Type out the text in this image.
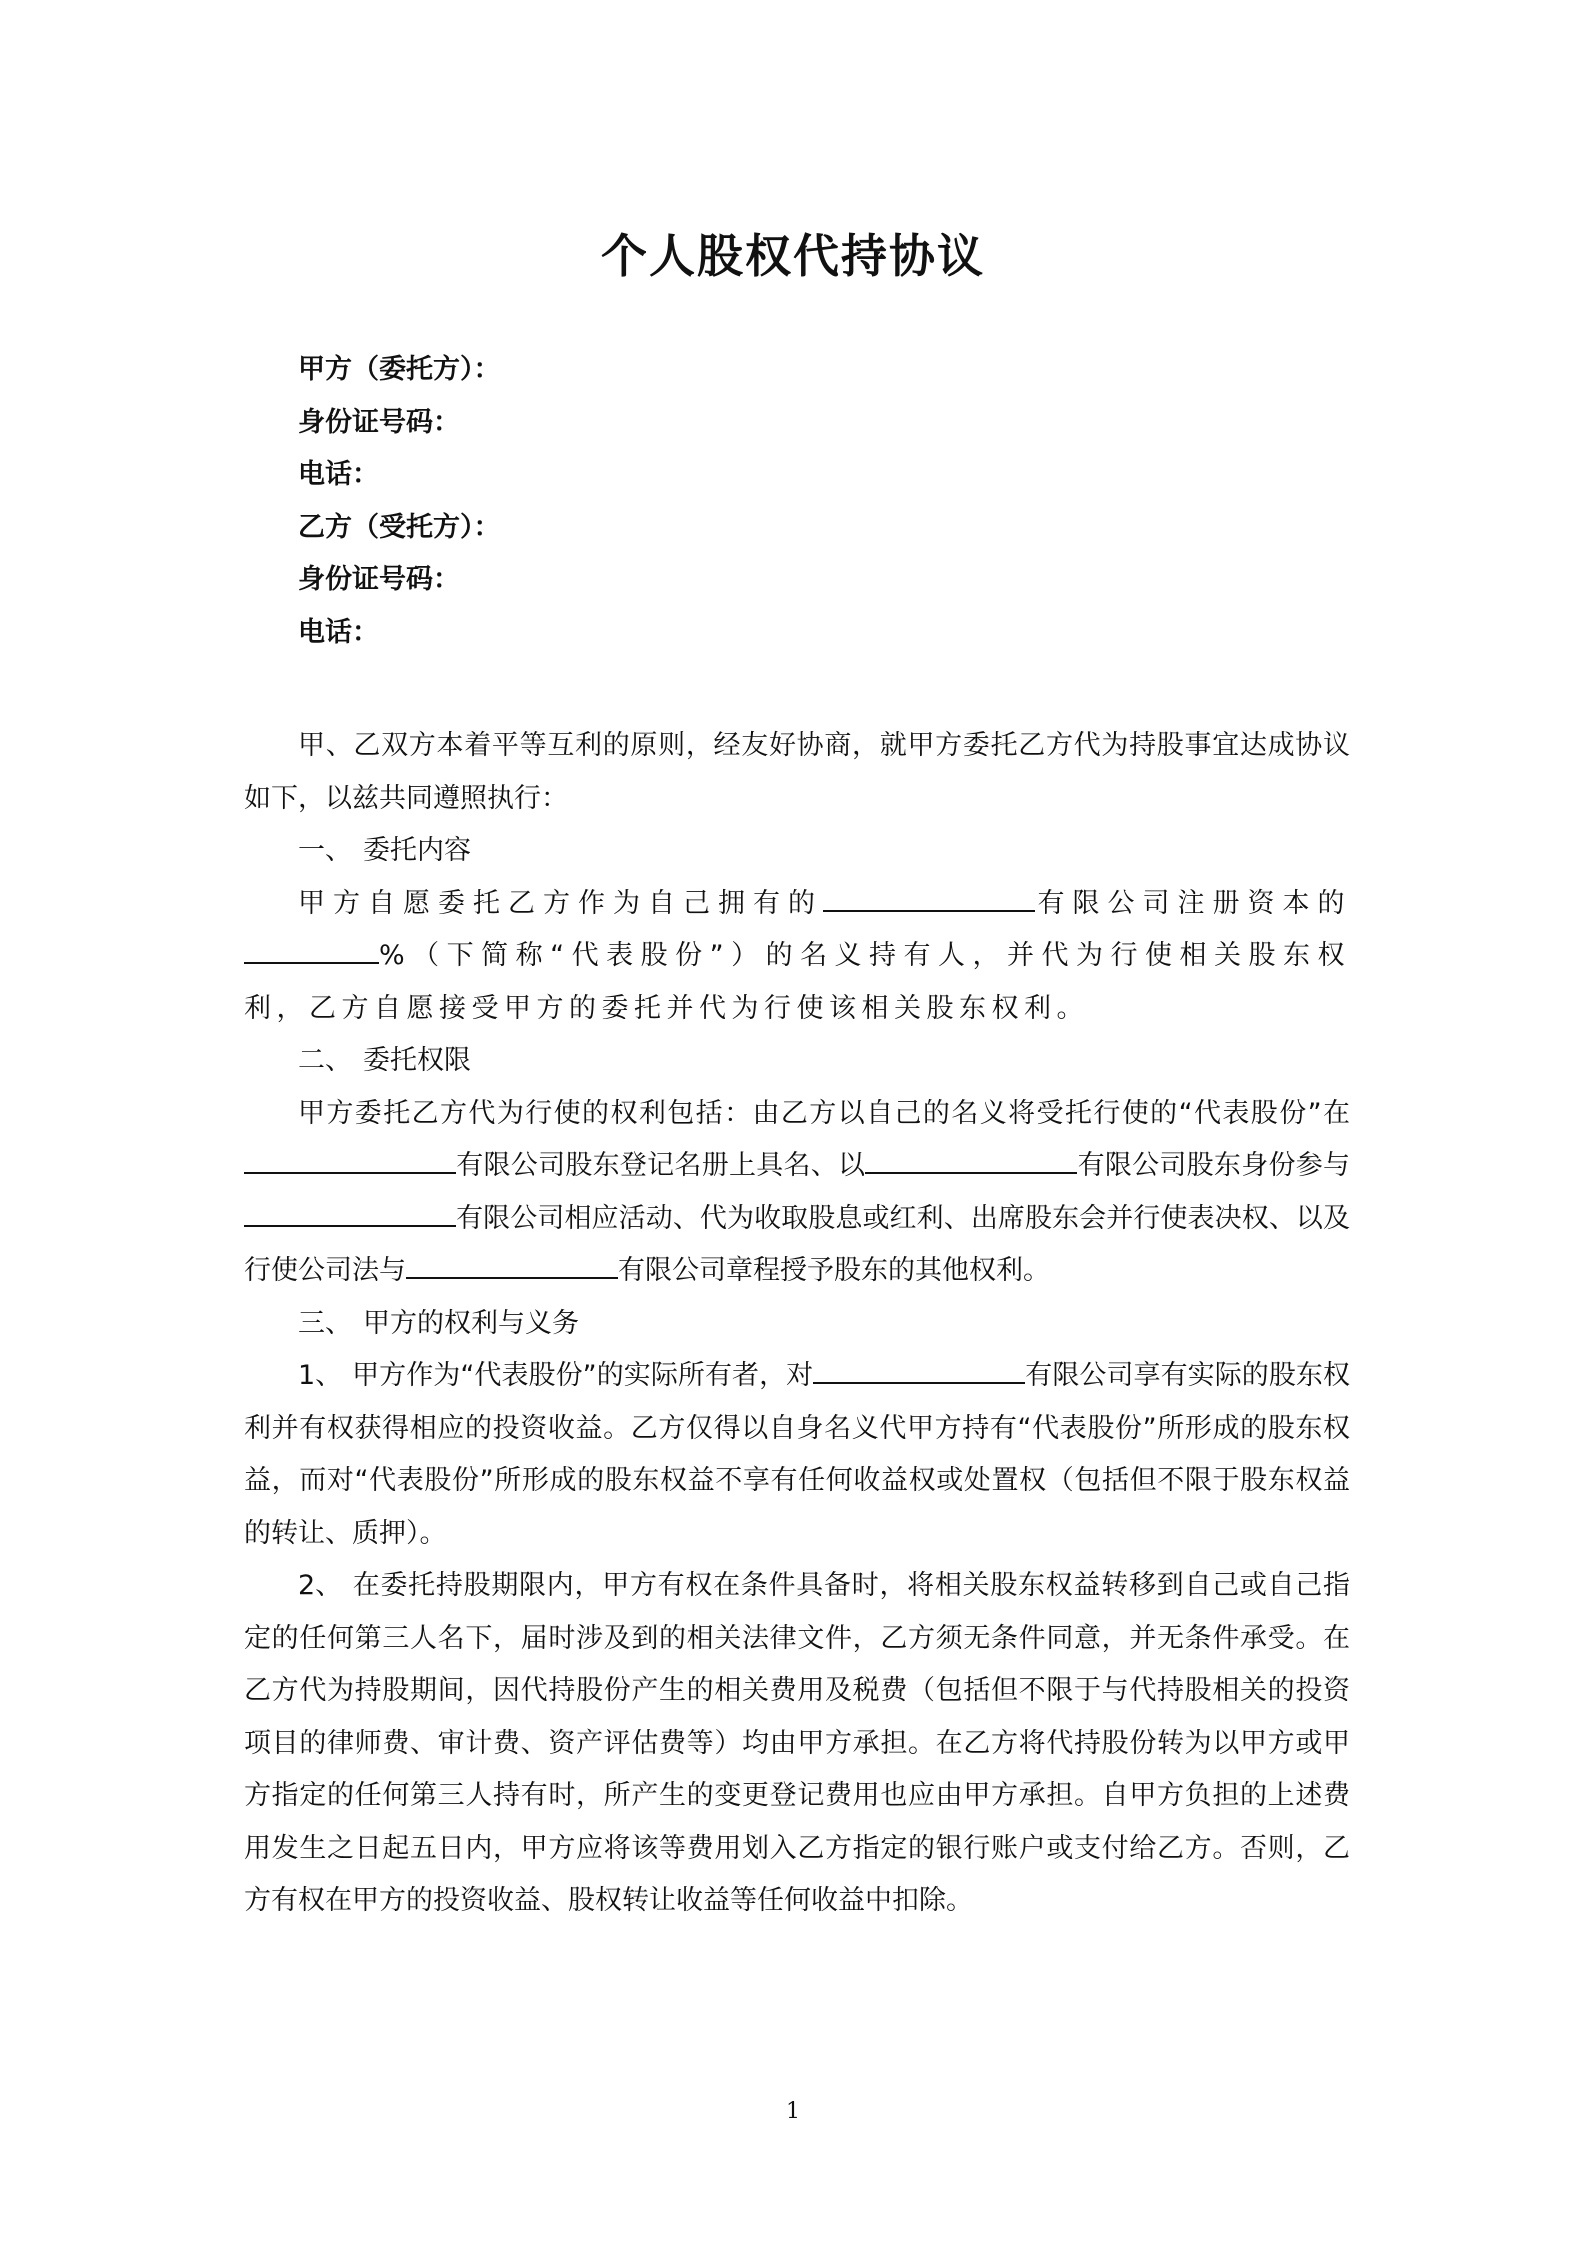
个人股权代持协议
甲方（委托方）：
身份证号码：
电话：
乙方（受托方）：
身份证号码：
电话：

甲、乙双方本着平等互利的原则，经友好协商，就甲方委托乙方代为持股事宜达成协议如下，以兹共同遵照执行：

一、 委托内容

甲方自愿委托乙方作为自己拥有的	有限公司注册资本的%（下简称“代表股份”）的名义持有人，并代为行使相关股东权利，乙方自愿接受甲方的委托并代为行使该相关股东权利。

二、 委托权限

甲方委托乙方代为行使的权利包括：由乙方以自己的名义将受托行使的“代表股份”在有限公司股东登记名册上具名、以	有限公司股东身份参与有限公司相应活动、代为收取股息或红利、出席股东会并行使表决权、以及行使公司法与	有限公司章程授予股东的其他权利。

三、 甲方的权利与义务

1、 甲方作为“代表股份”的实际所有者，对	有限公司享有实际的股东权利并有权获得相应的投资收益。乙方仅得以自身名义代甲方持有“代表股份”所形成的股东权益，而对“代表股份”所形成的股东权益不享有任何收益权或处置权（包括但不限于股东权益的转让、质押）。

2、 在委托持股期限内，甲方有权在条件具备时，将相关股东权益转移到自己或自己指定的任何第三人名下，届时涉及到的相关法律文件，乙方须无条件同意，并无条件承受。在乙方代为持股期间，因代持股份产生的相关费用及税费（包括但不限于与代持股相关的投资项目的律师费、审计费、资产评估费等）均由甲方承担。在乙方将代持股份转为以甲方或甲方指定的任何第三人持有时，所产生的变更登记费用也应由甲方承担。自甲方负担的上述费用发生之日起五日内，甲方应将该等费用划入乙方指定的银行账户或支付给乙方。否则，乙方有权在甲方的投资收益、股权转让收益等任何收益中扣除。

1
